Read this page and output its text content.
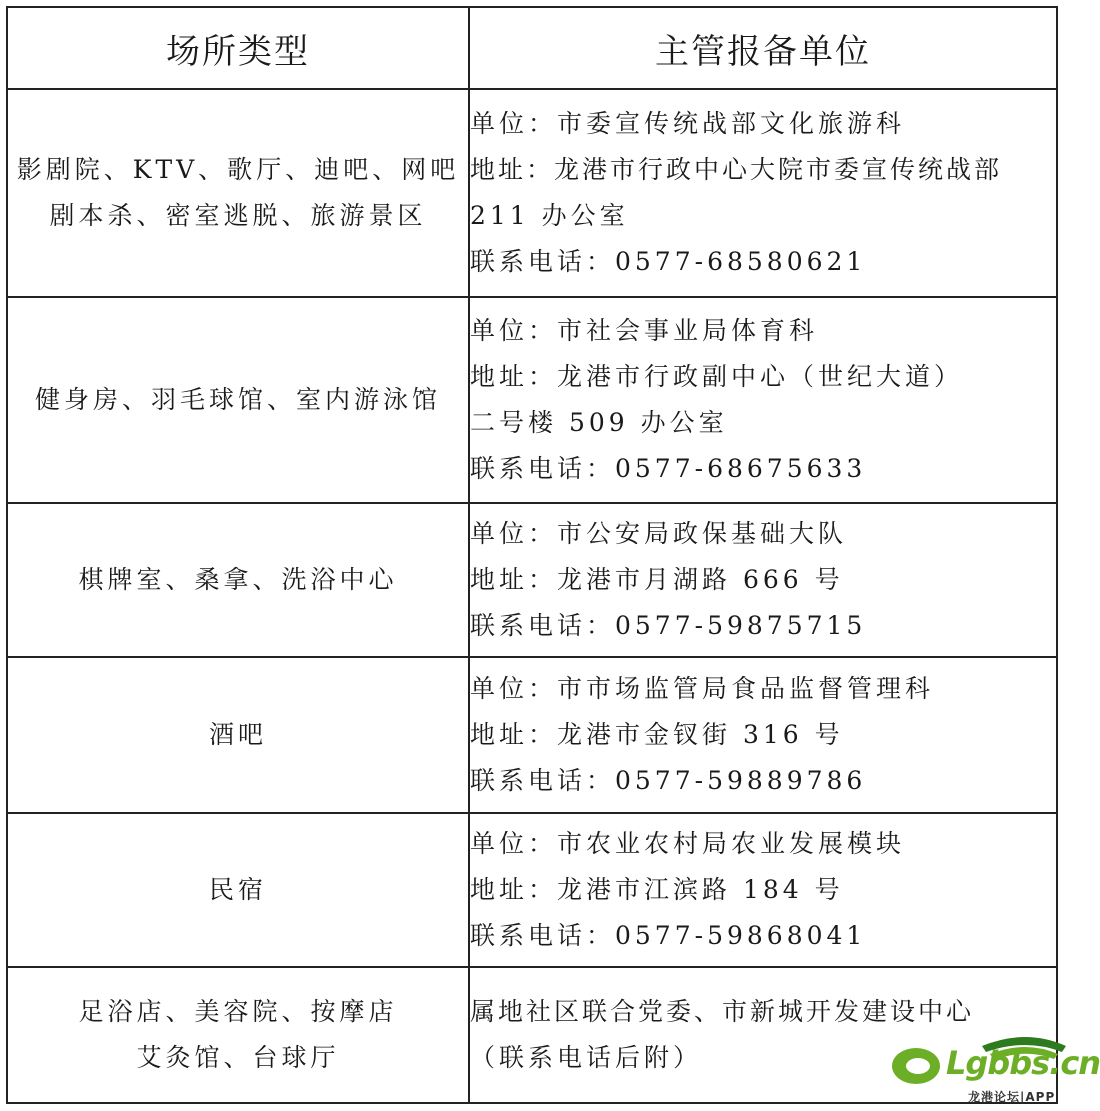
场所类型	主管报备单位

影剧院、KTV、歌厅、迪吧、网吧
剧本杀、密室逃脱、旅游景区	单位：市委宣传统战部文化旅游科
地址：龙港市行政中心大院市委宣传统战部
211 办公室
联系电话：0577-68580621

健身房、羽毛球馆、室内游泳馆	单位：市社会事业局体育科
地址：龙港市行政副中心（世纪大道）
二号楼 509 办公室
联系电话：0577-68675633

棋牌室、桑拿、洗浴中心	单位：市公安局政保基础大队
地址：龙港市月湖路 666 号
联系电话：0577-59875715

酒吧	单位：市市场监管局食品监督管理科
地址：龙港市金钗街 316 号
联系电话：0577-59889786

民宿	单位：市农业农村局农业发展模块
地址：龙港市江滨路 184 号
联系电话：0577-59868041

足浴店、美容院、按摩店
艾灸馆、台球厅	属地社区联合党委、市新城开发建设中心
（联系电话后附）	Lgbbs.cn
龙港论坛|APP
